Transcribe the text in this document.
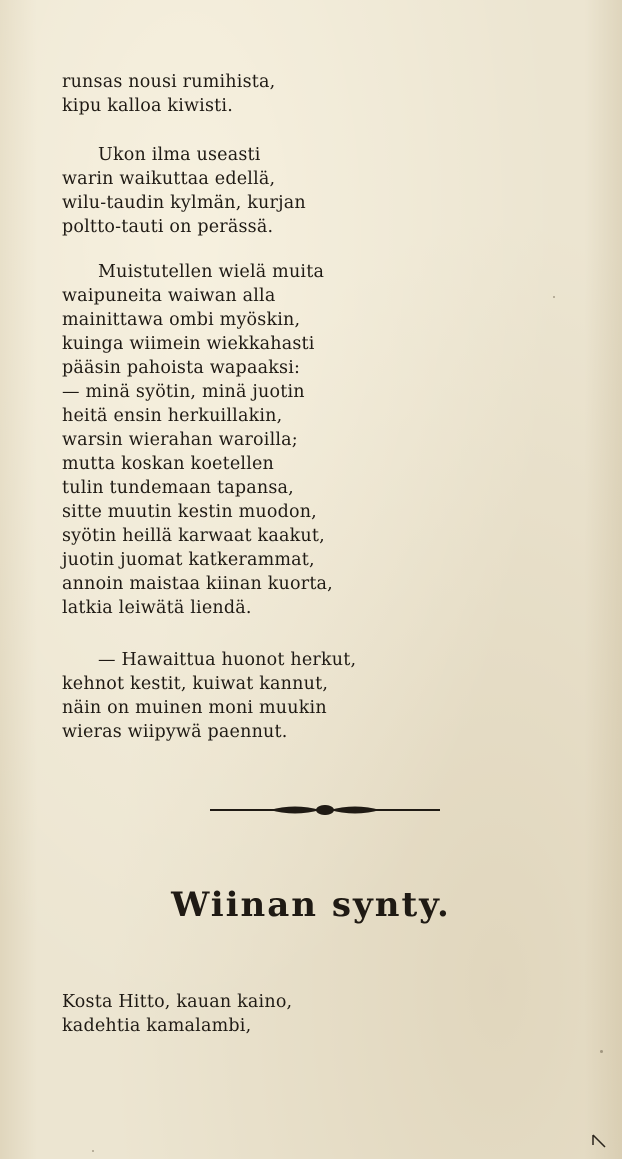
runsas nousi rumihista,
kipu kalloa kiwisti.
Ukon ilma useasti
warin waikuttaa edellä,
wilu-taudin kylmän, kurjan
poltto-tauti on perässä.
Muistutellen wielä muita
waipuneita waiwan alla
mainittawa ombi myöskin,
kuinga wiimein wiekkahasti
pääsin pahoista wapaaksi:
— minä syötin, minä juotin
heitä ensin herkuillakin,
warsin wierahan waroilla;
mutta koskan koetellen
tulin tundemaan tapansa,
sitte muutin kestin muodon,
syötin heillä karwaat kaakut,
juotin juomat katkerammat,
annoin maistaa kiinan kuorta,
latkia leiwätä liendä.
— Hawaittua huonot herkut,
kehnot kestit, kuiwat kannut,
näin on muinen moni muukin
wieras wiipywä paennut.
Wiinan synty.
Kosta Hitto, kauan kaino,
kadehtia kamalambi,
